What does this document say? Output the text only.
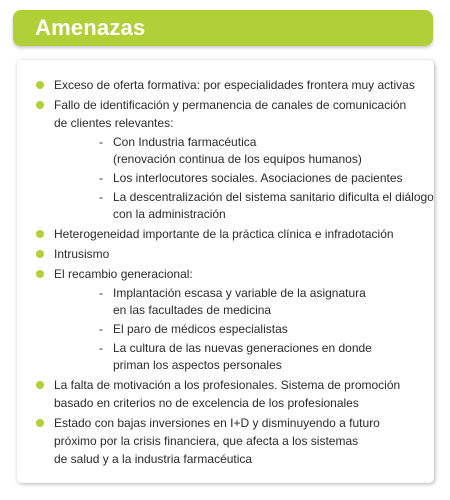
Amenazas
Exceso de oferta formativa: por especialidades frontera muy activas
Fallo de identificación y permanencia de canales de comunicación
de clientes relevantes:
- Con Industria farmacéutica
(renovación continua de los equipos humanos)
- Los interlocutores sociales. Asociaciones de pacientes
- La descentralización del sistema sanitario dificulta el diálogo
con la administración
Heterogeneidad importante de la práctica clínica e infradotación
Intrusismo
El recambio generacional:
- Implantación escasa y variable de la asignatura
en las facultades de medicina
- El paro de médicos especialistas
- La cultura de las nuevas generaciones en donde
priman los aspectos personales
La falta de motivación a los profesionales. Sistema de promoción
basado en criterios no de excelencia de los profesionales
Estado con bajas inversiones en I+D y disminuyendo a futuro
próximo por la crisis financiera, que afecta a los sistemas
de salud y a la industria farmacéutica
